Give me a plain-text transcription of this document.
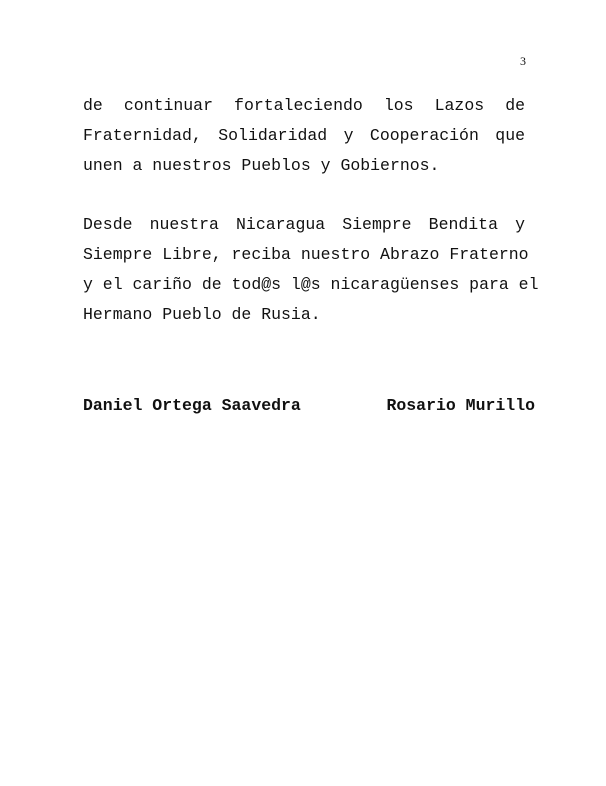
3
de continuar fortaleciendo los Lazos de
Fraternidad, Solidaridad y Cooperación que
unen a nuestros Pueblos y Gobiernos.
Desde nuestra Nicaragua Siempre Bendita y
Siempre Libre, reciba nuestro Abrazo Fraterno
y el cariño de tod@s l@s nicaragüenses para el
Hermano Pueblo de Rusia.
Daniel Ortega Saavedra	Rosario Murillo
